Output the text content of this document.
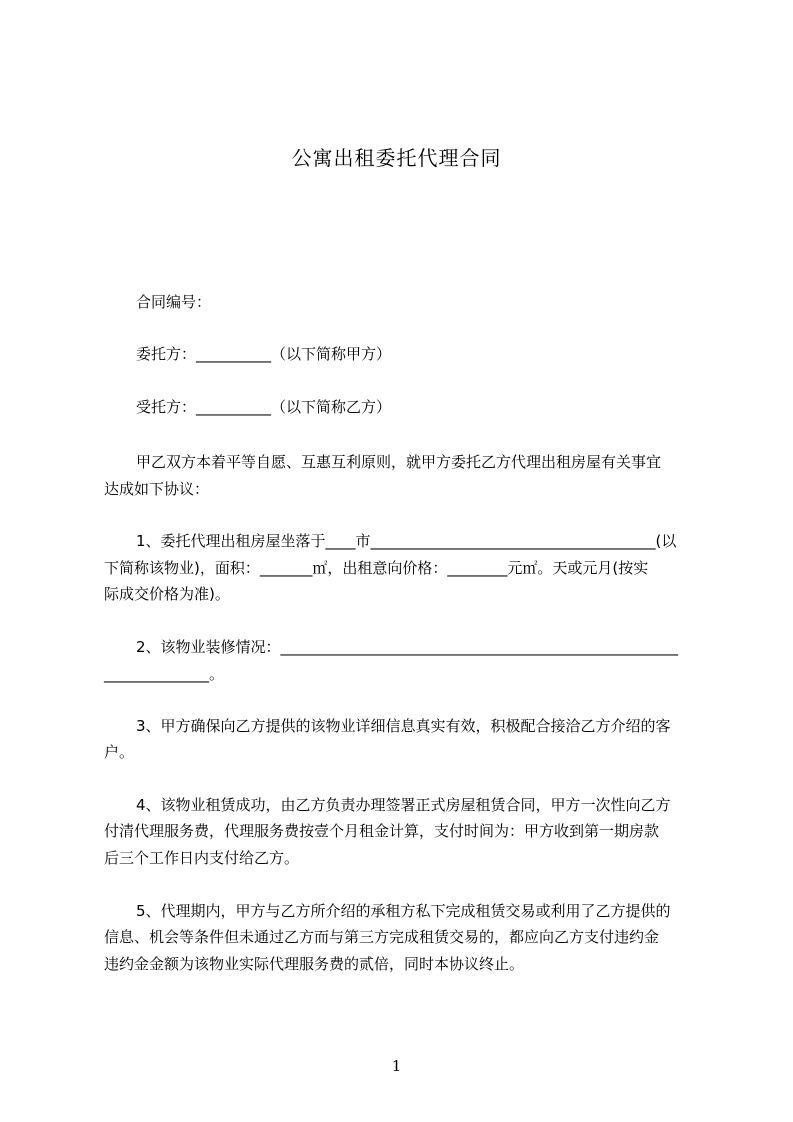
公寓出租委托代理合同
合同编号：
委托方：__________（以下简称甲方）
受托方：__________（以下简称乙方）
甲乙双方本着平等自愿、互惠互利原则，就甲方委托乙方代理出租房屋有关事宜
达成如下协议：
1、委托代理出租房屋坐落于____市______________________________________(以
下简称该物业)，面积：_______㎡，出租意向价格：________元㎡。天或元月(按实
际成交价格为准)。
2、该物业装修情况：_____________________________________________________
______________。
3、甲方确保向乙方提供的该物业详细信息真实有效，积极配合接洽乙方介绍的客
户。
4、该物业租赁成功，由乙方负责办理签署正式房屋租赁合同，甲方一次性向乙方
付清代理服务费，代理服务费按壹个月租金计算，支付时间为：甲方收到第一期房款
后三个工作日内支付给乙方。
5、代理期内，甲方与乙方所介绍的承租方私下完成租赁交易或利用了乙方提供的
信息、机会等条件但未通过乙方而与第三方完成租赁交易的，都应向乙方支付违约金
违约金金额为该物业实际代理服务费的贰倍，同时本协议终止。
1
